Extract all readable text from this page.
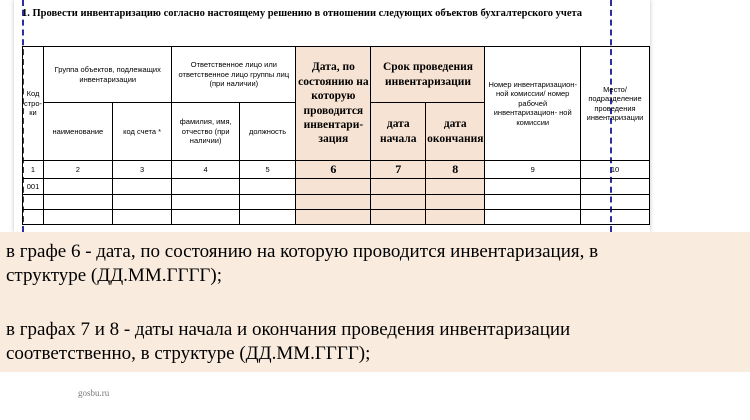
1. Провести инвентаризацию согласно настоящему решению в отношении следующих объектов бухгалтерского учета
Код стро- ки	Группа объектов, подлежащих инвентаризации		Ответственное лицо или ответственное лицо группы лиц (при наличии)		Дата, по состоянию на которую проводится инвентари- зация	Срок проведения инвентаризации		Номер инвентаризацион- ной комиссии/ номер рабочей инвентаризацион- ной комиссии	Место/ подразделение проведения инвентаризации
	наименование	код счета *	фамилия, имя, отчество (при наличии)	должность		дата начала	дата окончания		
1	2	3	4	5	6	7	8	9	10
001									

в графе 6 - дата, по состоянию на которую проводится инвентаризация, в
структуре (ДД.ММ.ГГГГ);
в графах 7 и 8 - даты начала и окончания проведения инвентаризации
соответственно, в структуре (ДД.ММ.ГГГГ);
gosbu.ru
